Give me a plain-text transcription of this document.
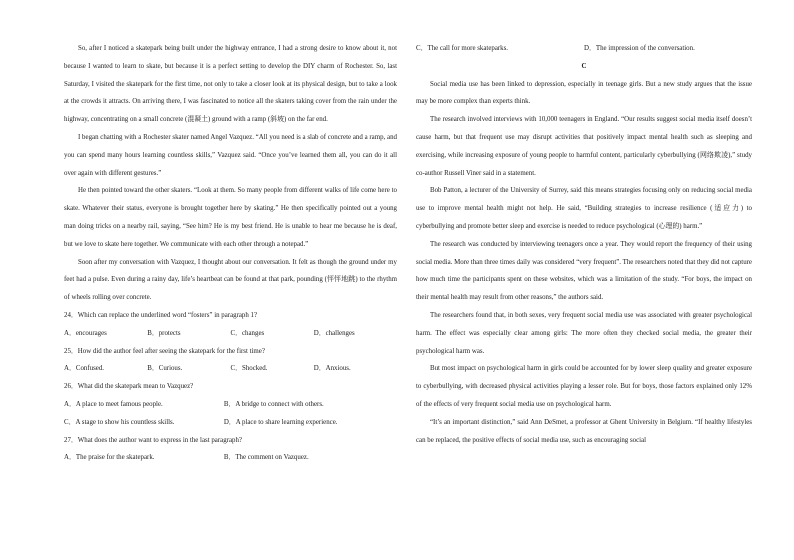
So, after I noticed a skatepark being built under the highway entrance, I had a strong desire to know about it, not because I wanted to learn to skate, but because it is a perfect setting to develop the DIY charm of Rochester. So, last Saturday, I visited the skatepark for the first time, not only to take a closer look at its physical design, but to take a look at the crowds it attracts. On arriving there, I was fascinated to notice all the skaters taking cover from the rain under the highway, concentrating on a small concrete (混凝土) ground with a ramp (斜坡) on the far end.

I began chatting with a Rochester skater named Angel Vazquez. “All you need is a slab of concrete and a ramp, and you can spend many hours learning countless skills,” Vazquez said. “Once you’ve learned them all, you can do it all over again with different gestures.”

He then pointed toward the other skaters. “Look at them. So many people from different walks of life come here to skate. Whatever their status, everyone is brought together here by skating.” He then specifically pointed out a young man doing tricks on a nearby rail, saying, “See him? He is my best friend. He is unable to hear me because he is deaf, but we love to skate here together. We communicate with each other through a notepad.”

Soon after my conversation with Vazquez, I thought about our conversation. It felt as though the ground under my feet had a pulse. Even during a rainy day, life’s heartbeat can be found at that park, pounding (怦怦地跳) to the rhythm of wheels rolling over concrete.

24．Which can replace the underlined word “fosters” in paragraph 1?
A．encourages	B．protects	C．changes	D．challenges
25．How did the author feel after seeing the skatepark for the first time?
A．Confused.	B．Curious.	C．Shocked.	D．Anxious.
26．What did the skatepark mean to Vazquez?
A．A place to meet famous people.	B．A bridge to connect with others.
C．A stage to show his countless skills.	D．A place to share learning experience.
27．What does the author want to express in the last paragraph?
A．The praise for the skatepark.	B．The comment on Vazquez.
C．The call for more skateparks.	D．The impression of the conversation.
C

Social media use has been linked to depression, especially in teenage girls. But a new study argues that the issue may be more complex than experts think.

The research involved interviews with 10,000 teenagers in England. “Our results suggest social media itself doesn’t cause harm, but that frequent use may disrupt activities that positively impact mental health such as sleeping and exercising, while increasing exposure of young people to harmful content, particularly cyberbullying (网络欺凌),” study co-author Russell Viner said in a statement.

Bob Patton, a lecturer of the University of Surrey, said this means strategies focusing only on reducing social media use to improve mental health might not help. He said, “Building strategies to increase resilience (适应力) to cyberbullying and promote better sleep and exercise is needed to reduce psychological (心理的) harm.”

The research was conducted by interviewing teenagers once a year. They would report the frequency of their using social media. More than three times daily was considered “very frequent”. The researchers noted that they did not capture how much time the participants spent on these websites, which was a limitation of the study. “For boys, the impact on their mental health may result from other reasons,” the authors said.

The researchers found that, in both sexes, very frequent social media use was associated with greater psychological harm. The effect was especially clear among girls: The more often they checked social media, the greater their psychological harm was.

But most impact on psychological harm in girls could be accounted for by lower sleep quality and greater exposure to cyberbullying, with decreased physical activities playing a lesser role. But for boys, those factors explained only 12% of the effects of very frequent social media use on psychological harm.

“It’s an important distinction,” said Ann DeSmet, a professor at Ghent University in Belgium. “If healthy lifestyles can be replaced, the positive effects of social media use, such as encouraging social
